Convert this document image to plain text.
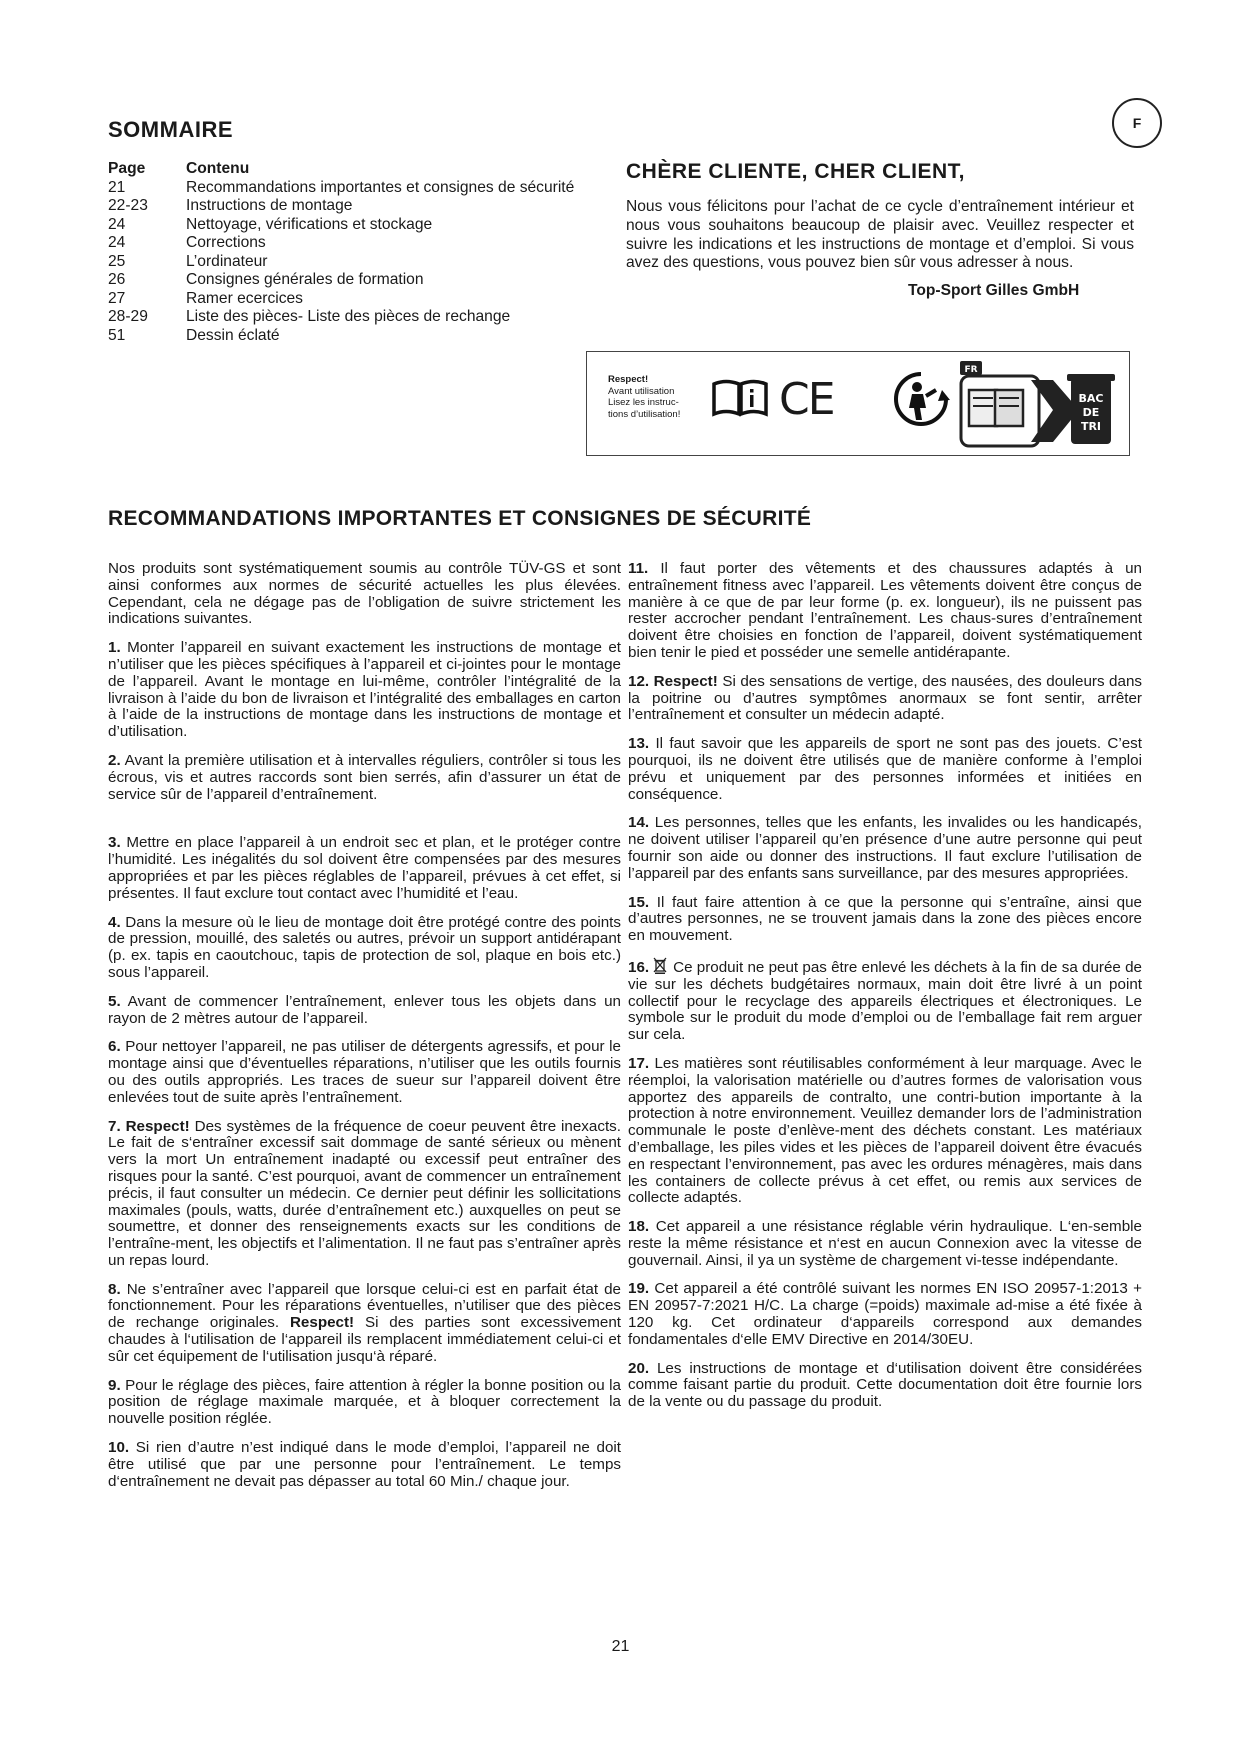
F
SOMMAIRE
Page	Contenu
21	Recommandations importantes et consignes de sécurité
22-23	Instructions de montage
24	Nettoyage, vérifications et stockage
24	Corrections
25	L’ordinateur
26	Consignes générales de formation
27	Ramer ecercices
28-29	Liste des pièces- Liste des pièces de rechange
51	Dessin éclaté
CHÈRE CLIENTE, CHER CLIENT,

Nous vous félicitons pour l’achat de ce cycle d’entraînement intérieur et nous vous souhaitons beaucoup de plaisir avec. Veuillez respecter et suivre les indications et les instructions de montage et d’emploi. Si vous avez des questions, vous pouvez bien sûr vous adresser à nous.

Top-Sport Gilles GmbH
Respect!
Avant utilisation
Lisez les instruc-
tions d’utilisation!	CE
FR
BAC
DE
TRI
RECOMMANDATIONS IMPORTANTES ET CONSIGNES DE SÉCURITÉ

Nos produits sont systématiquement soumis au contrôle TÜV-GS et sont ainsi conformes aux normes de sécurité actuelles les plus élevées. Cependant, cela ne dégage pas de l’obligation de suivre strictement les indications suivantes.

1. Monter l’appareil en suivant exactement les instructions de montage et n’utiliser que les pièces spécifiques à l’appareil et ci-jointes pour le montage de l’appareil. Avant le montage en lui-même, contrôler l’intégralité de la livraison à l’aide du bon de livraison et l’intégralité des emballages en carton à l’aide de la instructions de montage dans les instructions de montage et d’utilisation.

2. Avant la première utilisation et à intervalles réguliers, contrôler si tous les écrous, vis et autres raccords sont bien serrés, afin d’assurer un état de service sûr de l’appareil d’entraînement.

3. Mettre en place l’appareil à un endroit sec et plan, et le protéger contre l’humidité. Les inégalités du sol doivent être compensées par des mesures appropriées et par les pièces réglables de l’appareil, prévues à cet effet, si présentes. Il faut exclure tout contact avec l’humidité et l’eau.

4. Dans la mesure où le lieu de montage doit être protégé contre des points de pression, mouillé, des saletés ou autres, prévoir un support antidérapant (p. ex. tapis en caoutchouc, tapis de protection de sol, plaque en bois etc.) sous l’appareil.

5. Avant de commencer l’entraînement, enlever tous les objets dans un rayon de 2 mètres autour de l’appareil.

6. Pour nettoyer l’appareil, ne pas utiliser de détergents agressifs, et pour le montage ainsi que d’éventuelles réparations, n’utiliser que les outils fournis ou des outils appropriés. Les traces de sueur sur l’appareil doivent être enlevées tout de suite après l’entraînement.

7. Respect! Des systèmes de la fréquence de coeur peuvent être inexacts. Le fait de s‘entraîner excessif sait dommage de santé sérieux ou mènent vers la mort Un entraînement inadapté ou excessif peut entraîner des risques pour la santé. C’est pourquoi, avant de commencer un entraînement précis, il faut consulter un médecin. Ce dernier peut définir les sollicitations maximales (pouls, watts, durée d’entraînement etc.) auxquelles on peut se soumettre, et donner des renseignements exacts sur les conditions de l’entraîne-ment, les objectifs et l’alimentation. Il ne faut pas s’entraîner après un repas lourd.

8. Ne s’entraîner avec l’appareil que lorsque celui-ci est en parfait état de fonctionnement. Pour les réparations éventuelles, n’utiliser que des pièces de rechange originales. Respect! Si des parties sont excessivement chaudes à l‘utilisation de l‘appareil ils remplacent immédiatement celui-ci et sûr cet équipement de l‘utilisation jusqu‘à réparé.

9. Pour le réglage des pièces, faire attention à régler la bonne position ou la position de réglage maximale marquée, et à bloquer correctement la nouvelle position réglée.

10. Si rien d’autre n’est indiqué dans le mode d’emploi, l’appareil ne doit être utilisé que par une personne pour l’entraînement. Le temps d‘entraînement ne devait pas dépasser au total 60 Min./ chaque jour.

11. Il faut porter des vêtements et des chaussures adaptés à un entraînement fitness avec l’appareil. Les vêtements doivent être conçus de manière à ce que de par leur forme (p. ex. longueur), ils ne puissent pas rester accrocher pendant l’entraînement. Les chaus-sures d’entraînement doivent être choisies en fonction de l’appareil, doivent systématiquement bien tenir le pied et posséder une semelle antidérapante.

12. Respect! Si des sensations de vertige, des nausées, des douleurs dans la poitrine ou d’autres symptômes anormaux se font sentir, arrêter l’entraînement et consulter un médecin adapté.

13. Il faut savoir que les appareils de sport ne sont pas des jouets. C’est pourquoi, ils ne doivent être utilisés que de manière conforme à l’emploi prévu et uniquement par des personnes informées et initiées en conséquence.

14. Les personnes, telles que les enfants, les invalides ou les handicapés, ne doivent utiliser l’appareil qu’en présence d’une autre personne qui peut fournir son aide ou donner des instructions. Il faut exclure l’utilisation de l’appareil par des enfants sans surveillance, par des mesures appropriées.

15. Il faut faire attention à ce que la personne qui s’entraîne, ainsi que d’autres personnes, ne se trouvent jamais dans la zone des pièces encore en mouvement.

16. Ce produit ne peut pas être enlevé les déchets à la fin de sa durée de vie sur les déchets budgétaires normaux, main doit être livré à un point collectif pour le recyclage des appareils électriques et électroniques. Le symbole sur le produit du mode d’emploi ou de l’emballage fait rem arguer sur cela.

17. Les matières sont réutilisables conformément à leur marquage. Avec le réemploi, la valorisation matérielle ou d’autres formes de valorisation vous apportez des appareils de contralto, une contri-bution importante à la protection à notre environnement. Veuillez demander lors de l’administration communale le poste d’enlève-ment des déchets constant. Les matériaux d’emballage, les piles vides et les pièces de l’appareil doivent être évacués en respectant l’environnement, pas avec les ordures ménagères, mais dans les containers de collecte prévus à cet effet, ou remis aux services de collecte adaptés.

18. Cet appareil a une résistance réglable vérin hydraulique. L‘en-semble reste la même résistance et n‘est en aucun Connexion avec la vitesse de gouvernail. Ainsi, il ya un système de chargement vi-tesse indépendante.

19. Cet appareil a été contrôlé suivant les normes EN ISO 20957-1:2013 + EN 20957-7:2021 H/C. La charge (=poids) maximale ad-mise a été fixée à 120 kg. Cet ordinateur d‘appareils correspond aux demandes fondamentales d‘elle EMV Directive en 2014/30EU.

20. Les instructions de montage et d‘utilisation doivent être considérées comme faisant partie du produit. Cette documentation doit être fournie lors de la vente ou du passage du produit.

21
